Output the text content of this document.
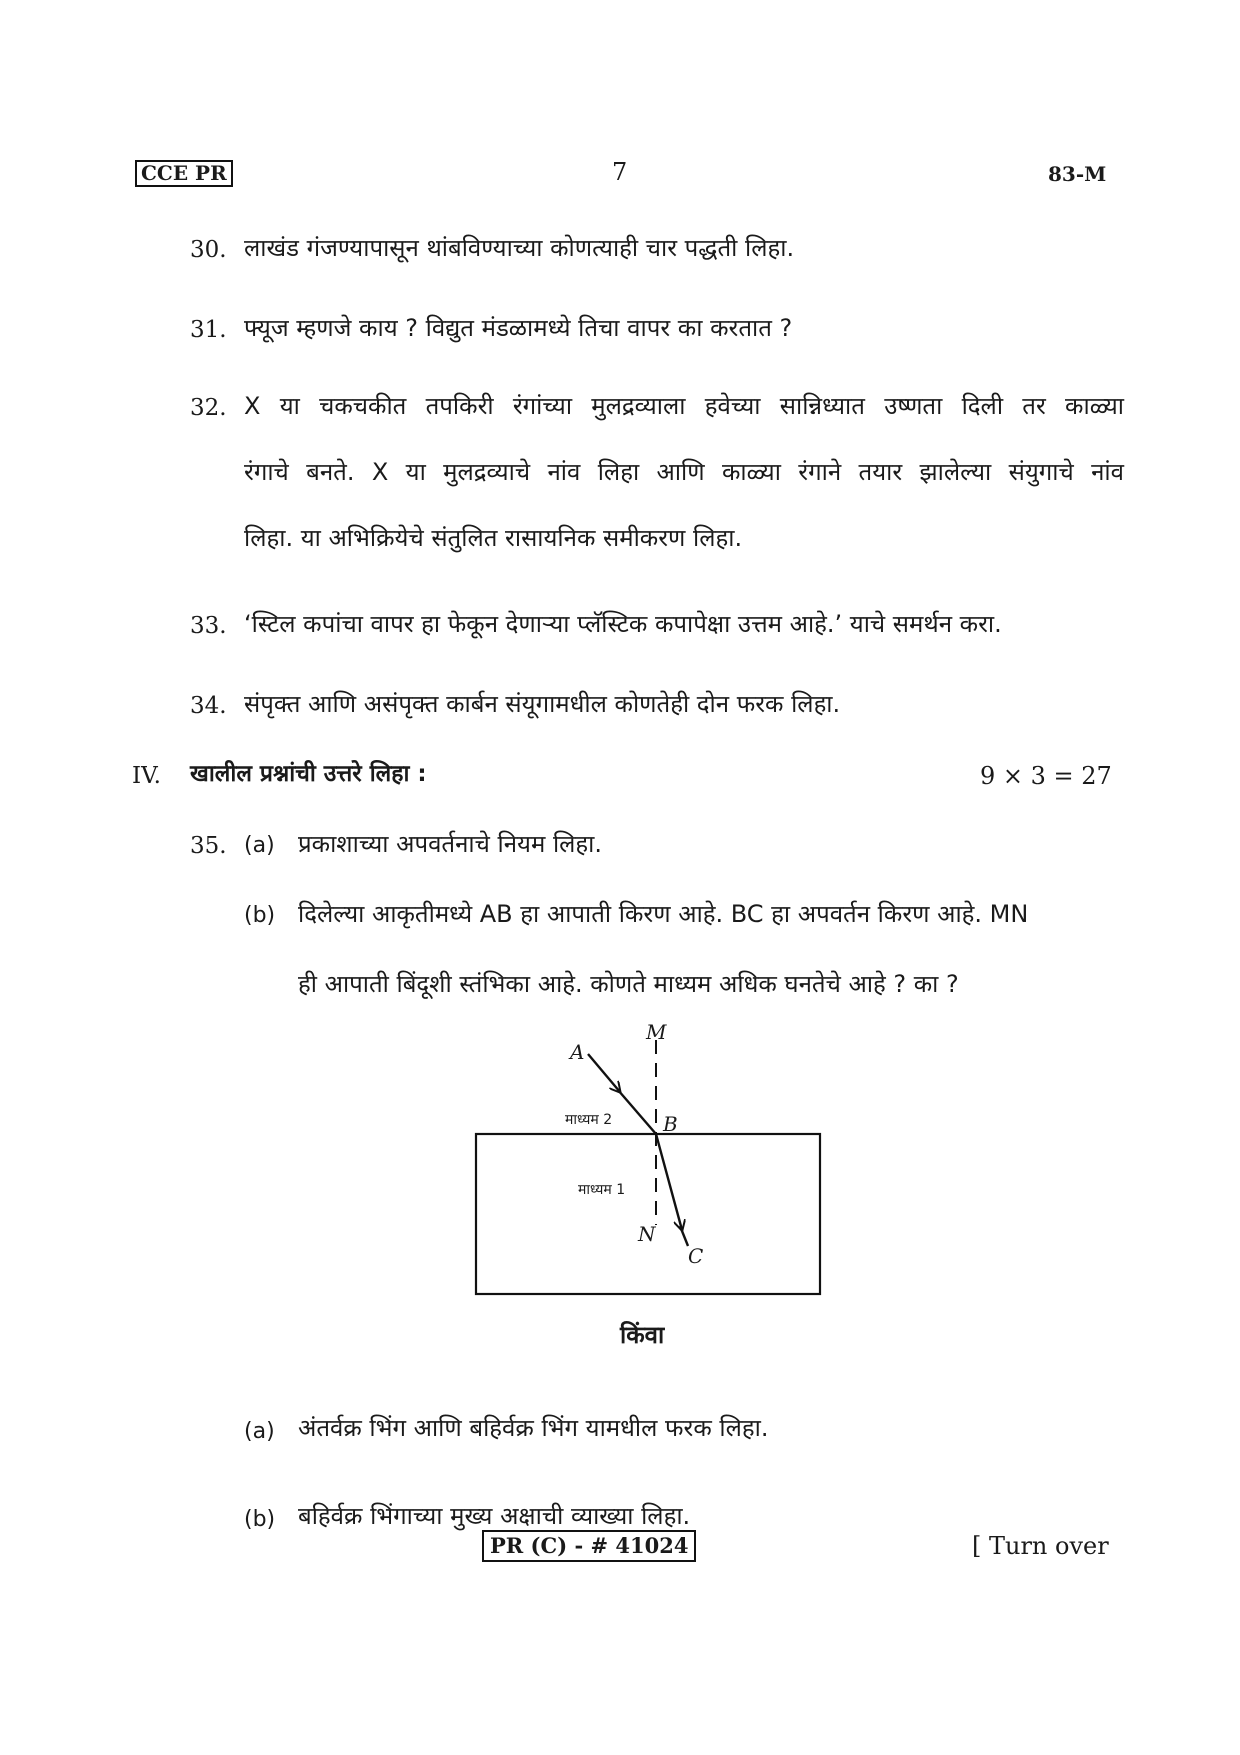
CCE PR	7	83-M
30. लाखंड गंजण्यापासून थांबविण्याच्या कोणत्याही चार पद्धती लिहा.
31. फ्यूज म्हणजे काय ? विद्युत मंडळामध्ये तिचा वापर का करतात ?
32. X या चकचकीत तपकिरी रंगांच्या मुलद्रव्याला हवेच्या सान्निध्यात उष्णता दिली तर काळ्या
रंगाचे बनते. X या मुलद्रव्याचे नांव लिहा आणि काळ्या रंगाने तयार झालेल्या संयुगाचे नांव
लिहा. या अभिक्रियेचे संतुलित रासायनिक समीकरण लिहा.
33. ‘स्टिल कपांचा वापर हा फेकून देणाऱ्या प्लॅस्टिक कपापेक्षा उत्तम आहे.’ याचे समर्थन करा.
34. संपृक्त आणि असंपृक्त कार्बन संयूगामधील कोणतेही दोन फरक लिहा.
IV. खालील प्रश्नांची उत्तरे लिहा :	9 × 3 = 27
35. (a) प्रकाशाच्या अपवर्तनाचे नियम लिहा.
(b) दिलेल्या आकृतीमध्ये AB हा आपाती किरण आहे. BC हा अपवर्तन किरण आहे. MN
ही आपाती बिंदूशी स्तंभिका आहे. कोणते माध्यम अधिक घनतेचे आहे ? का ?
A
M
माध्यम 2	B
माध्यम 1
N
C
किंवा
(a) अंतर्वक्र भिंग आणि बहिर्वक्र भिंग यामधील फरक लिहा.
(b) बहिर्वक्र भिंगाच्या मुख्य अक्षाची व्याख्या लिहा.
PR (C) - # 41024	[ Turn over
